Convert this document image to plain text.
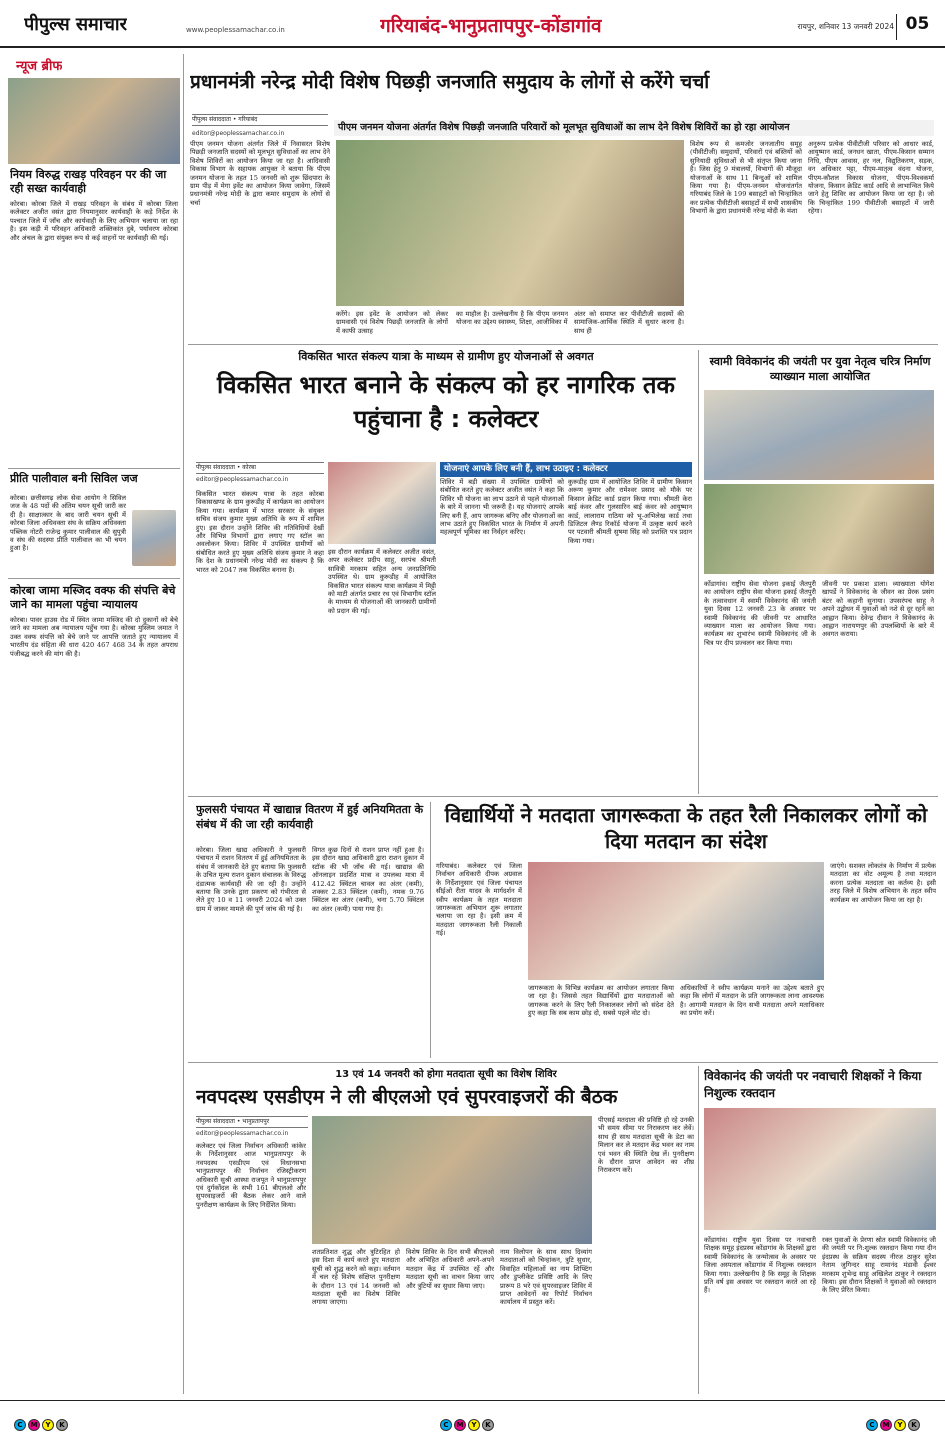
पीपुल्स समाचार	www.peoplessamachar.co.in	गरियाबंद-भानुप्रतापपुर-कोंडागांव	रायपुर, शनिवार 13 जनवरी 2024 05
न्यूज ब्रीफ
नियम विरुद्ध राखड़ परिवहन पर की जा रही सख्त कार्यवाही
कोरबा। कोरबा जिले में राखड़ परिवहन के संबंध में कोरबा जिला कलेक्टर अजीत वसंत द्वारा नियमानुसार कार्यवाही के कड़े निर्देश के पश्चात जिले में जाँच और कार्यवाही के लिए अभियान चलाया जा रहा है। इस कड़ी में परिवहन अधिकारी शक्तिकांत दुबे, पर्यावरण कोरबा और अंचल के द्वारा संयुक्त रूप से कई वाहनों पर कार्यवाही की गई।
प्रीति पालीवाल बनी सिविल जज
कोरबा। छत्तीसगढ़ लोक सेवा आयोग ने सिविल जज के 48 पदों की अंतिम चयन सूची जारी कर दी है। साक्षात्कार के बाद जारी चयन सूची में कोरबा जिला अधिवक्ता संघ के सक्रिय अधिवक्ता पब्लिक नोटरी राजेन्द्र कुमार पालीवाल की सुपुत्री व संघ की सदस्या प्रीति पालीवाल का भी चयन हुआ है।
कोरबा जामा मस्जिद वक्फ की संपत्ति बेचे जाने का मामला पहुंचा न्यायालय
कोरबा। पावर हाउस रोड में स्थित जामा मस्जिद की दो दुकानों को बेचे जाने का मामला अब न्यायालय पहुँच गया है। कोरबा मुस्लिम जमात ने उक्त वक्फ संपत्ति को बेचे जाने पर आपत्ति जताते हुए न्यायालय में भारतीय दंड संहिता की धारा 420 467 468 34 के तहत अपराध पंजीबद्ध करने की मांग की है।
प्रधानमंत्री नरेन्द्र मोदी विशेष पिछड़ी जनजाति समुदाय के लोगों से करेंगे चर्चा
पीपुल्स संवाददाता • गरियाबंद
editor@peoplessamachar.co.in
पीएम जनमन योजना अंतर्गत विशेष पिछड़ी जनजाति परिवारों को मूलभूत सुविधाओं का लाभ देने विशेष शिविरों का हो रहा आयोजन
पीएम जनमन योजना अंतर्गत जिले में निवासरत विशेष पिछड़ी जनजाति सदस्यों को मूलभूत सुविधाओं का लाभ देने विशेष शिविरों का आयोजन किया जा रहा है। आदिवासी विकास विभाग के सहायक आयुक्त ने बताया कि पीएम जनमन योजना के तहत 15 जनवरी को शुरू छिंदपारा के ग्राम पीड़ में मेगा इवेंट का आयोजन किया जावेगा, जिसमें प्रधानमंत्री नरेन्द्र मोदी के द्वारा कमार समुदाय के लोगों से चर्चा
करेंगे। इस इवेंट के आयोजन को लेकर ग्रामवासी एवं विशेष पिछड़ी जनजाति के लोगों में काफी उत्साह
का माहौल है। उल्लेखनीय है कि पीएम जनमन योजना का उद्देश्य स्वास्थ्य, शिक्षा, आजीविका में
अंतर को समाप्त कर पीवीटीजी सदस्यों की सामाजिक-आर्थिक स्थिति में सुधार करना है। साथ ही
विशेष रूप से कमजोर जनजातीय समूह (पीवीटीजी) समुदायों, परिवारों एवं बस्तियों को सुनियादी सुविधाओं से भी संतृप्त किया जाना है। जिस हेतु 9 मंत्रालयों, विभागों की मौजूदा योजनाओं के साथ 11 बिन्दुओं को शामिल किया गया है। पीएम-जनमन योजनांतर्गत गरियाबंद जिले के 199 बसाहटों को चिन्हांकित कर प्रत्येक पीवीटीजी बसाहटों में सभी शासकीय विभागों के द्वारा प्रधानमंत्री नरेन्द्र मोदी के मंशा
अनुरूप प्रत्येक पीवीटीजी परिवार को आधार कार्ड, आयुष्मान कार्ड, जनधन खाता, पीएम-किसान सम्मान निधि, पीएम आवास, हर नल, विद्युतिकरण, सड़क, वन अधिकार पट्टा, पीएम-मातृत्व वंदना योजना, पीएम-कौशल विकास योजना, पीएम-विश्वकर्मा योजना, किसान क्रेडिट कार्ड आदि से लाभान्वित किये जाने हेतु शिविर का आयोजन किया जा रहा है। जो कि चिन्हांकित 199 पीवीटीजी बसाहटों में जारी रहेगा।
विकसित भारत संकल्प यात्रा के माध्यम से ग्रामीण हुए योजनाओं से अवगत
विकसित भारत बनाने के संकल्प को हर नागरिक तक पहुंचाना है : कलेक्टर
पीपुल्स संवाददाता • कोरबा
editor@peoplessamachar.co.in
योजनाएं आपके लिए बनी हैं, लाभ उठाइए : कलेक्टर
विकसित भारत संकल्प यात्रा के तहत कोरबा विकासखण्ड के ग्राम कुरूडीह में कार्यक्रम का आयोजन किया गया। कार्यक्रम में भारत सरकार के संयुक्त सचिव संजय कुमार मुख्य अतिथि के रूप में शामिल हुए। इस दौरान उन्होंने शिविर की गतिविधियों देखीं और विभिन्न विभागों द्वारा लगाए गए स्टॉल का अवलोकन किया। शिविर में उपस्थित ग्रामीणों को संबोधित करते हुए मुख्य अतिथि संजय कुमार ने कहा कि देश के प्रधानमंत्री नरेन्द्र मोदी का संकल्प है कि भारत को 2047 तक विकसित बनाना है।
इस दौरान कार्यक्रम में कलेक्टर अजीत वसंत, अपर कलेक्टर प्रदीप साहू, सरपंच श्रीमती सावित्री मरकाम सहित अन्य जनप्रतिनिधि उपस्थित थे। ग्राम कुरूडीह में आयोजित विकसित भारत संकल्प यात्रा कार्यक्रम में मिट्टी को माटी अंतर्गत प्रचार रथ एवं विभागीय स्टॉल के माध्यम से योजनाओं की जानकारी ग्रामीणों को प्रदान की गई।
शिविर में बड़ी संख्या में उपस्थित ग्रामीणों को संबोधित करते हुए कलेक्टर अजीत वसंत ने कहा कि शिविर भी योजना का लाभ उठाने से पहले योजनाओं के बारे में जानना भी जरूरी है। यह योजनाएं आपके लिए बनी हैं, आप जागरूक बनिए और योजनाओं का लाभ उठाते हुए विकसित भारत के निर्माण में अपनी महत्वपूर्ण भूमिका का निर्वहन करिए।
कुरूडीह ग्राम में आयोजित शिविर में ग्रामीण किसान अरूण कुमार और रामेश्वर प्रसाद को मौके पर किसान क्रेडिट कार्ड प्रदान किया गया। श्रीमती केरा बाई कंवर और गुलसारिन बाई कंवर को आयुष्मान कार्ड, लालाराम राठिया को भू-अभिलेख कार्ड तथा डिजिटल लैण्ड रिकॉर्ड योजना में उत्कृष्ट कार्य करने पर पटवारी श्रीमती सुषमा सिंह को प्रशस्ति पत्र प्रदान किया गया।
स्वामी विवेकानंद की जयंती पर युवा नेतृत्व चरित्र निर्माण व्याख्यान माला आयोजित
कोंडागांव। राष्ट्रीय सेवा योजना इकाई जैतपुरी का आयोजन राष्ट्रीय सेवा योजना इकाई जैतपुरी के तत्वावधान में स्वामी विवेकानंद की जयंती युवा दिवस 12 जनवरी 23 के अवसर पर स्वामी विवेकानंद की जीवनी पर आधारित व्याख्यान माला का आयोजन किया गया। कार्यक्रम का शुभारंभ स्वामी विवेकानंद जी के चित्र पर दीप प्रज्वलन कर किया गया।
जीवनी पर प्रकाश डाला। व्याख्याता योगेश खापर्डे ने विवेकानंद के जीवन का प्रेरक प्रसंग बंटर को कहानी सुनाया। उपसरंपच साहू ने अपने उद्बोधन में युवाओं को नशे से दूर रहने का आह्वान किया। देवेन्द्र दीवान ने विवेकानंद के आह्वान नारायणपुर की उपलब्धियों के बारे में अवगत कराया।
फुलसरी पंचायत में खाद्यान्न वितरण में हुई अनियमितता के संबंध में की जा रही कार्यवाही
कोरबा। जिला खाद्य अधिकारी ने फुलसरी पंचायत में राशन वितरण में हुई अनियमितता के संबंध में जानकारी देते हुए बताया कि फुलसरी के उचित मूल्य राशन दुकान संचालक के विरुद्ध दंडात्मक कार्यवाही की जा रही है। उन्होंने बताया कि उनके द्वारा प्रकरण को गंभीरता से लेते हुए 10 व 11 जनवरी 2024 को उक्त ग्राम में जाकर मामले की पूर्ण जांच की गई है।
विगत कुछ दिनों से राशन प्राप्त नहीं हुआ है। इस दौरान खाद्य अधिकारी द्वारा राशन दुकान में स्टॉक की भी जाँच की गई। खाद्यान्न की ऑनलाइन प्रदर्शित मात्रा व उपलब्ध मात्रा में 412.42 क्विंटल चावल का अंतर (कमी), शक्कर 2.83 क्विंटल (कमी), नमक 9.76 क्विंटल का अंतर (कमी), चना 5.70 क्विंटल का अंतर (कमी) पाया गया है।
विद्यार्थियों ने मतदाता जागरूकता के तहत रैली निकालकर लोगों को दिया मतदान का संदेश
गरियाबंद। कलेक्टर एवं जिला निर्वाचन अधिकारी दीपक अग्रवाल के निर्देशानुसार एवं जिला पंचायत सीईओ रीता यादव के मार्गदर्शन में स्वीप कार्यक्रम के तहत मतदाता जागरूकता अभियान शुरू लगातार चलाया जा रहा है। इसी क्रम में मतदाता जागरूकता रैली निकाली गई।
जागरूकता के विभिन्न कार्यक्रम का आयोजन लगातार किया जा रहा है। जिससे तहत विद्यार्थियों द्वारा मतदाताओं को जागरूक करने के लिए रैली निकालकर लोगों को संदेश देते हुए कहा कि सब काम छोड़ दो, सबसे पहले वोट दो।
अधिकारियों ने स्वीप कार्यक्रम मनाने का उद्देश्य बताते हुए कहा कि लोगों में मतदान के प्रति जागरूकता लाना आवश्यक है। आगामी मतदान के दिन सभी मतदाता अपने मताधिकार का प्रयोग करें।
जाएंगे। सशक्त लोकतंत्र के निर्माण में प्रत्येक मतदाता का वोट अमूल्य है तथा मतदान करना प्रत्येक मतदाता का कर्तव्य है। इसी तरह जिले में विशेष अभियान के तहत स्वीप कार्यक्रम का आयोजन किया जा रहा है।
13 एवं 14 जनवरी को होगा मतदाता सूची का विशेष शिविर
नवपदस्थ एसडीएम ने ली बीएलओ एवं सुपरवाइजरों की बैठक
पीपुल्स संवाददाता • भानुप्रतापपुर
editor@peoplessamachar.co.in
कलेक्टर एवं जिला निर्वाचन अधिकारी कांकेर के निर्देशानुसार आज भानुप्रतापपुर के नवपदस्थ एसडीएम एवं विधानसभा भानुप्रतापपुर की निर्वाचन रजिस्ट्रीकरण अधिकारी सुश्री आस्था राजपूत ने भानुप्रतापपुर एवं दुर्गकोंदल के सभी 161 बीएलओ और सुपरवाइजरों की बैठक लेकर आने वाले पुनरीक्षण कार्यक्रम के लिए निर्देशित किया।
शतप्रतिशत शुद्ध और त्रुटिरहित हो इस दिशा में कार्य करते हुए मतदाता सूची को शुद्ध करने को कहा। वर्तमान में चल रहे विशेष संक्षिप्त पुनरीक्षण के दौरान 13 एवं 14 जनवरी को मतदाता सूची का विशेष शिविर लगाया जाएगा।
विशेष शिविर के दिन सभी बीएलओ और अभिहित अधिकारी अपने-अपने मतदान केंद्र में उपस्थित रहें और मतदाता सूची का वाचन किया जाए और त्रुटियों का सुधार किया जाए।
नाम विलोपन के साथ साथ दिव्यांग मतदाताओं को चिन्हांकन, त्रुटि सुधार, विवाहित महिलाओं का नाम शिफ्टिंग और डुप्लीकेट प्रविष्टि आदि के लिए प्रारूप 8 भरे एवं सुपरवाइजर शिविर में प्राप्त आवेदनों का रिपोर्ट निर्वाचन कार्यालय में प्रस्तुत करें।
पीएसई मतदाता की प्रविष्टि हो रहे उनकी भी समय सीमा पर निराकरण कर लेवें। साथ ही साथ मतदाता सूची के डेटा का मिलान कर ले मतदान केंद्र भवन का नाम एवं भवन की स्थिति देख लें। पुनरीक्षण के दौरान प्राप्त आवेदन का शीघ्र निराकरण करें।
विवेकानंद की जयंती पर नवाचारी शिक्षकों ने किया निशुल्क रक्तदान
कोंडागांव। राष्ट्रीय युवा दिवस पर नवाचारी शिक्षक समूह इंदप्रस्थ कोंडागांव के शिक्षकों द्वारा स्वामी विवेकानंद के जन्मोत्सव के अवसर पर जिला अस्पताल कोंडागांव में निशुल्क रक्तदान किया गया। उल्लेखनीय है कि समूह के शिक्षक प्रति वर्ष इस अवसर पर रक्तदान करते आ रहे हैं।
रक्त युवाओं के प्रेरणा स्रोत स्वामी विवेकानंद जी की जयंती पर नि:शुल्क रक्तदान किया गया दीन इंदप्रस्थ के सक्रिय सदस्य नीरज ठाकुर सुरेश नेताम जुगिन्दर साहू रामानंद मंडावी ईश्वर मरकाम शुभेन्द्र साहू अखिलेश ठाकुर ने रक्तदान किया। इस दौरान शिक्षकों ने युवाओं को रक्तदान के लिए प्रेरित किया।
C M Y K	C M Y K	C M Y K
